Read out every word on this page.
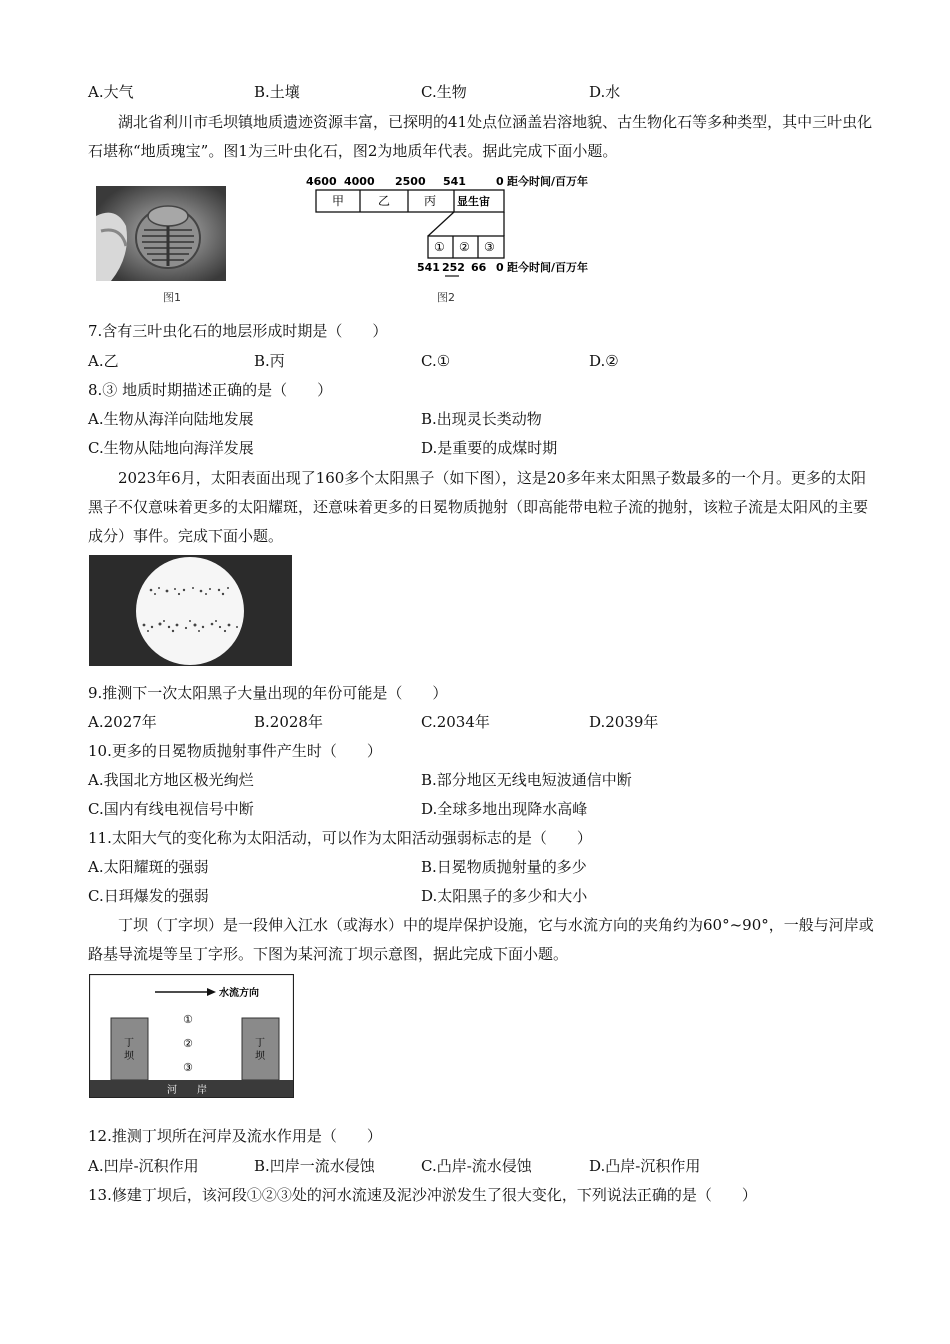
A.大气	B.土壤	C.生物	D.水
湖北省利川市毛坝镇地质遗迹资源丰富，已探明的41处点位涵盖岩溶地貌、古生物化石等多种类型，其中三叶虫化石堪称“地质瑰宝”。图1为三叶虫化石，图2为地质年代表。据此完成下面小题。
图1
4600 4000 2500 541	0 距今时间/百万年
甲	乙	丙 显生宙
① ② ③
541 252 66 0 距今时间/百万年
图2
7.含有三叶虫化石的地层形成时期是（　　）
A.乙	B.丙	C.①	D.②
8.③ 地质时期描述正确的是（　　）
A.生物从海洋向陆地发展	B.出现灵长类动物
C.生物从陆地向海洋发展	D.是重要的成煤时期
2023年6月，太阳表面出现了160多个太阳黑子（如下图），这是20多年来太阳黑子数最多的一个月。更多的太阳黑子不仅意味着更多的太阳耀斑，还意味着更多的日冕物质抛射（即高能带电粒子流的抛射，该粒子流是太阳风的主要成分）事件。完成下面小题。
9.推测下一次太阳黑子大量出现的年份可能是（　　）
A.2027年	B.2028年	C.2034年	D.2039年
10.更多的日冕物质抛射事件产生时（　　）
A.我国北方地区极光绚烂	B.部分地区无线电短波通信中断
C.国内有线电视信号中断	D.全球多地出现降水高峰
11.太阳大气的变化称为太阳活动，可以作为太阳活动强弱标志的是（　　）
A.太阳耀斑的强弱	B.日冕物质抛射量的多少
C.日珥爆发的强弱	D.太阳黑子的多少和大小
丁坝（丁字坝）是一段伸入江水（或海水）中的堤岸保护设施，它与水流方向的夹角约为60°~90°，一般与河岸或路基导流堤等呈丁字形。下图为某河流丁坝示意图，据此完成下面小题。
水流方向
①
②
③
丁
坝
丁
坝
河　　岸
12.推测丁坝所在河岸及流水作用是（　　）
A.凹岸-沉积作用	B.凹岸一流水侵蚀	C.凸岸-流水侵蚀	D.凸岸-沉积作用
13.修建丁坝后，该河段①②③处的河水流速及泥沙冲淤发生了很大变化，下列说法正确的是（　　）
